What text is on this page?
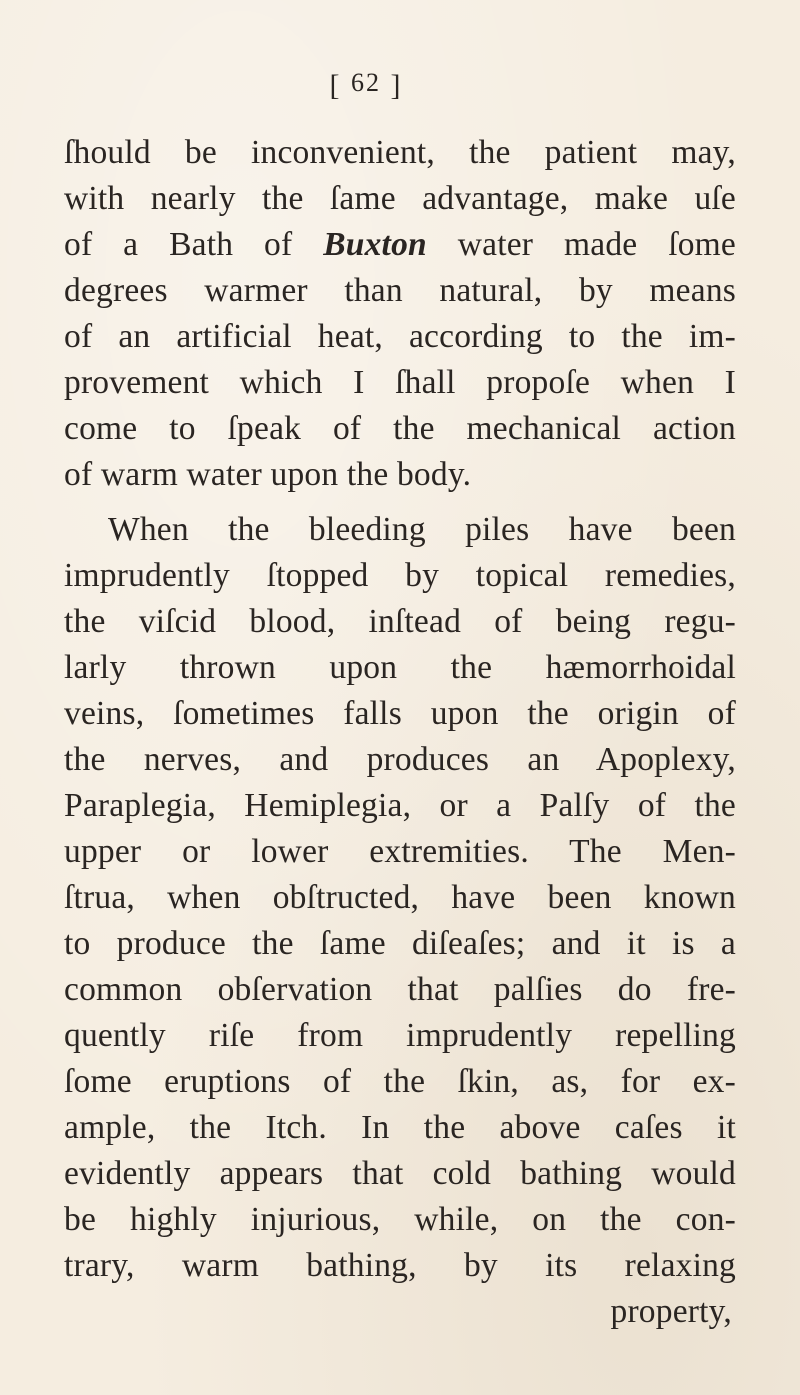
[ 62 ]
ſhould be inconvenient, the patient may,
with nearly the ſame advantage, make uſe
of a Bath of Buxton water made ſome
degrees warmer than natural, by means
of an artificial heat, according to the im-
provement which I ſhall propoſe when I
come to ſpeak of the mechanical action
of warm water upon the body.
When the bleeding piles have been
imprudently ſtopped by topical remedies,
the viſcid blood, inſtead of being regu-
larly thrown upon the hæmorrhoidal
veins, ſometimes falls upon the origin of
the nerves, and produces an Apoplexy,
Paraplegia, Hemiplegia, or a Palſy of the
upper or lower extremities. The Men-
ſtrua, when obſtructed, have been known
to produce the ſame diſeaſes; and it is a
common obſervation that palſies do fre-
quently riſe from imprudently repelling
ſome eruptions of the ſkin, as, for ex-
ample, the Itch. In the above caſes it
evidently appears that cold bathing would
be highly injurious, while, on the con-
trary, warm bathing, by its relaxing
property,
